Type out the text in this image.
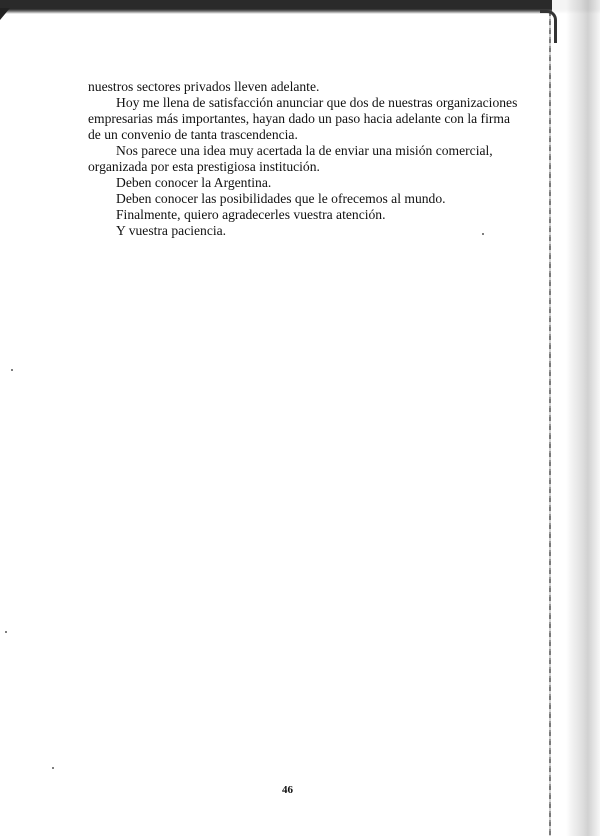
nuestros sectores privados lleven adelante.
Hoy me llena de satisfacción anunciar que dos de nuestras organizaciones
empresarias más importantes, hayan dado un paso hacia adelante con la firma
de un convenio de tanta trascendencia.
Nos parece una idea muy acertada la de enviar una misión comercial,
organizada por esta prestigiosa institución.
Deben conocer la Argentina.
Deben conocer las posibilidades que le ofrecemos al mundo.
Finalmente, quiero agradecerles vuestra atención.
Y vuestra paciencia.
46
